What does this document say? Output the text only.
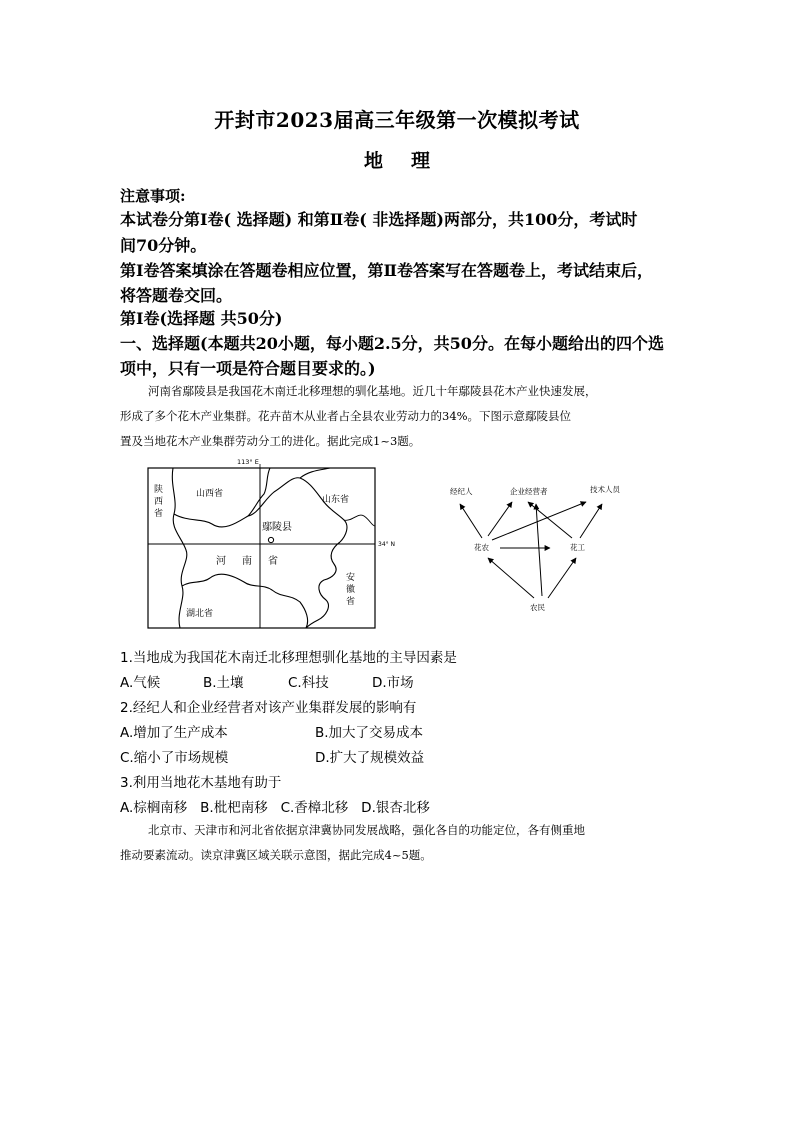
开封市2023届高三年级第一次模拟考试
地 理
注意事项:
本试卷分第Ⅰ卷( 选择题) 和第Ⅱ卷( 非选择题)两部分，共100分，考试时
间70分钟。
第Ⅰ卷答案填涂在答题卷相应位置，第Ⅱ卷答案写在答题卷上，考试结束后，
将答题卷交回。
第Ⅰ卷(选择题 共50分)
一、选择题(本题共20小题，每小题2.5分，共50分。在每小题给出的四个选
项中，只有一项是符合题目要求的。)
河南省鄢陵县是我国花木南迁北移理想的驯化基地。近几十年鄢陵县花木产业快速发展，
形成了多个花木产业集群。花卉苗木从业者占全县农业劳动力的34%。下图示意鄢陵县位
置及当地花木产业集群劳动分工的进化。据此完成1~3题。
113° E
34° N
陕
西
省
山西省
山东省
鄢陵县
河 南 省
安
徽
省
湖北省
经纪人	企业经营者	技术人员
花农	花工
农民
1.当地成为我国花木南迁北移理想驯化基地的主导因素是
A.气候	B.土壤	C.科技	D.市场
2.经纪人和企业经营者对该产业集群发展的影响有
A.增加了生产成本	B.加大了交易成本
C.缩小了市场规模	D.扩大了规模效益
3.利用当地花木基地有助于
A.棕榈南移   B.枇杷南移   C.香樟北移   D.银杏北移
北京市、天津市和河北省依据京津冀协同发展战略，强化各自的功能定位，各有侧重地
推动要素流动。读京津冀区域关联示意图，据此完成4~5题。
